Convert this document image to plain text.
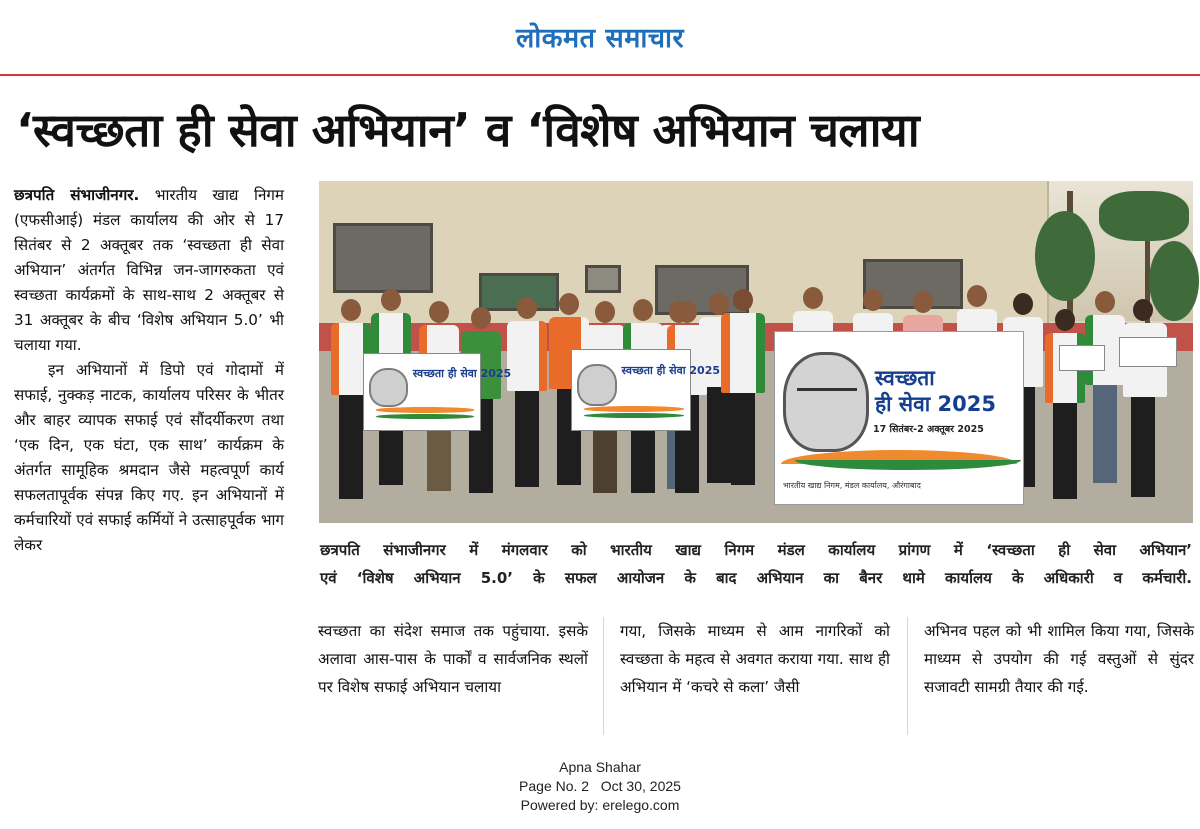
लोकमत समाचार
‘स्वच्छता ही सेवा अभियान’ व ‘विशेष अभियान चलाया

छत्रपति संभाजीनगर. भारतीय खाद्य निगम (एफसीआई) मंडल कार्यालय की ओर से 17 सितंबर से 2 अक्तूबर तक ‘स्वच्छता ही सेवा अभियान’ अंतर्गत विभिन्न जन-जागरुकता एवं स्वच्छता कार्यक्रमों के साथ-साथ 2 अक्तूबर से 31 अक्तूबर के बीच ‘विशेष अभियान 5.0’ भी चलाया गया.

इन अभियानों में डिपो एवं गोदामों में सफाई, नुक्कड़ नाटक, कार्यालय परिसर के भीतर और बाहर व्यापक सफाई एवं सौंदर्यीकरण तथा ‘एक दिन, एक घंटा, एक साथ’ कार्यक्रम के अंतर्गत सामूहिक श्रमदान जैसे महत्वपूर्ण कार्य सफलतापूर्वक संपन्न किए गए. इन अभियानों में कर्मचारियों एवं सफाई कर्मियों ने उत्साहपूर्वक भाग लेकर

स्वच्छता ही सेवा 2025	स्वच्छता ही सेवा 2025	स्वच्छता
ही सेवा 2025
17 सितंबर-2 अक्तूबर 2025
भारतीय खाद्य निगम, मंडल कार्यालय, औरंगाबाद
छत्रपति संभाजीनगर में मंगलवार को भारतीय खाद्य निगम मंडल कार्यालय प्रांगण में ‘स्वच्छता ही सेवा अभियान’
एवं ‘विशेष अभियान 5.0’ के सफल आयोजन के बाद अभियान का बैनर थामे कार्यालय के अधिकारी व कर्मचारी.
स्वच्छता का संदेश समाज तक पहुंचाया. इसके अलावा आस-पास के पार्कों व सार्वजनिक स्थलों पर विशेष सफाई अभियान चलाया
गया, जिसके माध्यम से आम नागरिकों को स्वच्छता के महत्व से अवगत कराया गया. साथ ही अभियान में ‘कचरे से कला’ जैसी
अभिनव पहल को भी शामिल किया गया, जिसके माध्यम से उपयोग की गई वस्तुओं से सुंदर सजावटी सामग्री तैयार की गई.
Apna Shahar
Page No. 2   Oct 30, 2025
Powered by: erelego.com
